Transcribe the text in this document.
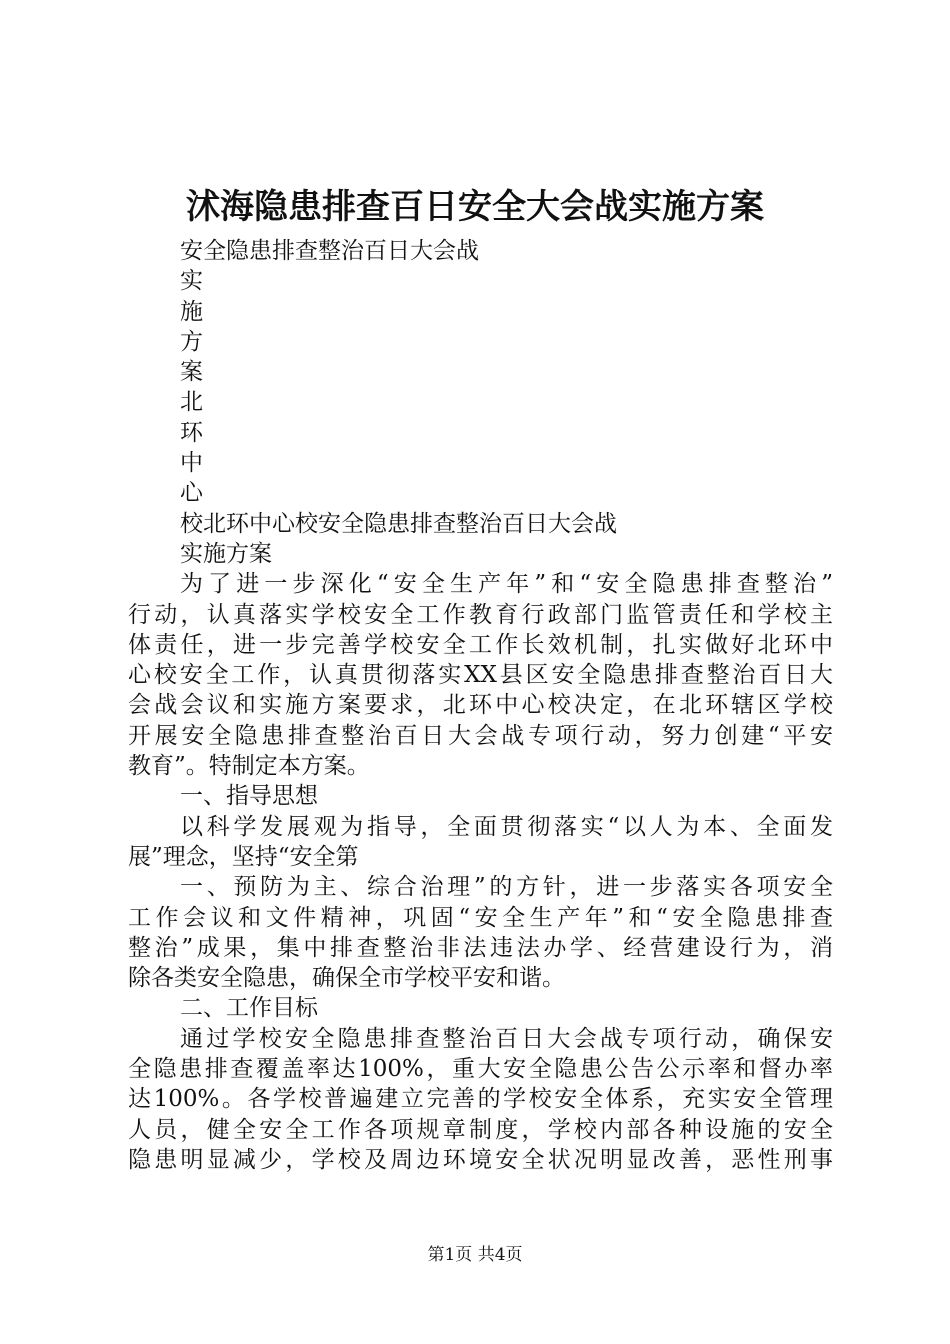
沭海隐患排查百日安全大会战实施方案
安全隐患排查整治百日大会战
实
施
方
案
北
环
中
心
校北环中心校安全隐患排查整治百日大会战
实施方案
为了进一步深化“安全生产年”和“安全隐患排查整治”
行动，认真落实学校安全工作教育行政部门监管责任和学校主
体责任，进一步完善学校安全工作长效机制，扎实做好北环中
心校安全工作，认真贯彻落实XX县区安全隐患排查整治百日大
会战会议和实施方案要求，北环中心校决定，在北环辖区学校
开展安全隐患排查整治百日大会战专项行动，努力创建“平安
教育”。特制定本方案。
一、指导思想
以科学发展观为指导，全面贯彻落实“以人为本、全面发
展”理念，坚持“安全第
一、预防为主、综合治理”的方针，进一步落实各项安全
工作会议和文件精神，巩固“安全生产年”和“安全隐患排查
整治”成果，集中排查整治非法违法办学、经营建设行为，消
除各类安全隐患，确保全市学校平安和谐。
二、工作目标
通过学校安全隐患排查整治百日大会战专项行动，确保安
全隐患排查覆盖率达100%，重大安全隐患公告公示率和督办率
达100%。各学校普遍建立完善的学校安全体系，充实安全管理
人员，健全安全工作各项规章制度，学校内部各种设施的安全
隐患明显减少，学校及周边环境安全状况明显改善，恶性刑事
第1页 共4页
